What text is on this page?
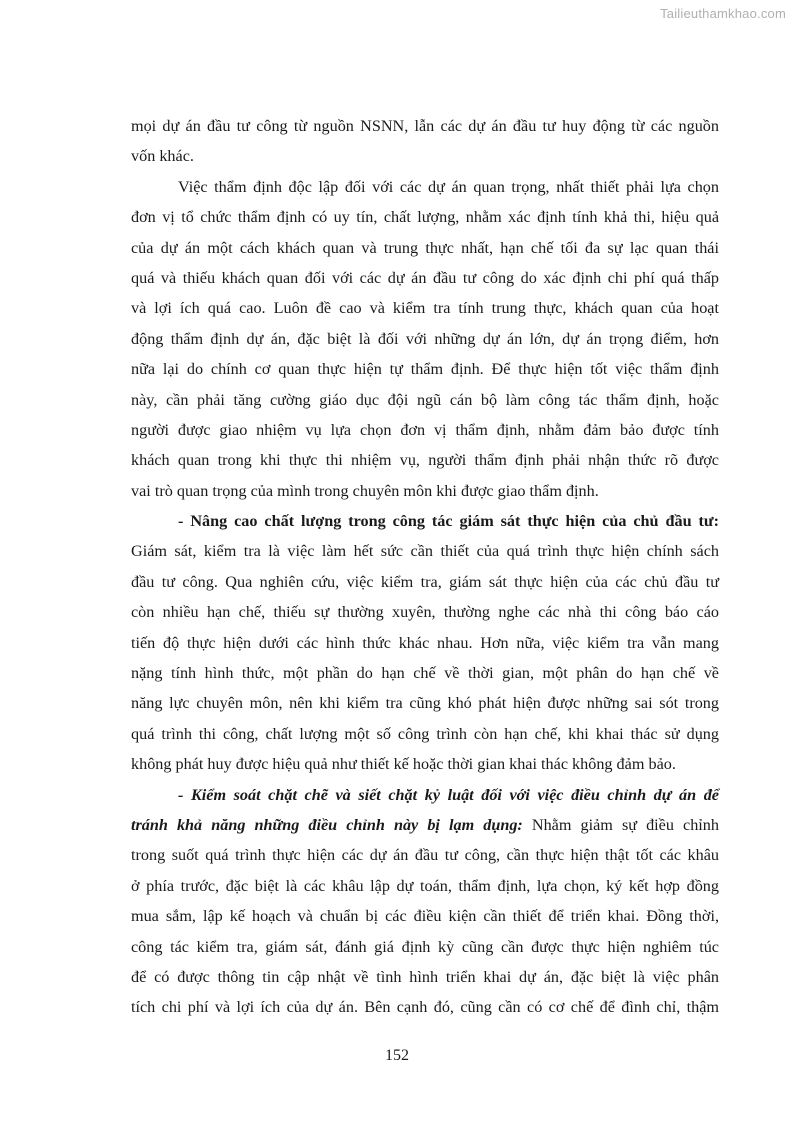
Tailieuthamkhao.com
mọi dự án đầu tư công từ nguồn NSNN, lẫn các dự án đầu tư huy động từ các nguồn
vốn khác.
Việc thẩm định độc lập đối với các dự án quan trọng, nhất thiết phải lựa chọn
đơn vị tổ chức thẩm định có uy tín, chất lượng, nhằm xác định tính khả thi, hiệu quả
của dự án một cách khách quan và trung thực nhất, hạn chế tối đa sự lạc quan thái
quá và thiếu khách quan đối với các dự án đầu tư công do xác định chi phí quá thấp
và lợi ích quá cao. Luôn đề cao và kiểm tra tính trung thực, khách quan của hoạt
động thẩm định dự án, đặc biệt là đối với những dự án lớn, dự án trọng điểm, hơn
nữa lại do chính cơ quan thực hiện tự thẩm định. Để thực hiện tốt việc thẩm định
này, cần phải tăng cường giáo dục đội ngũ cán bộ làm công tác thẩm định, hoặc
người được giao nhiệm vụ lựa chọn đơn vị thẩm định, nhằm đảm bảo được tính
khách quan trong khi thực thi nhiệm vụ, người thẩm định phải nhận thức rõ được
vai trò quan trọng của mình trong chuyên môn khi được giao thẩm định.
- Nâng cao chất lượng trong công tác giám sát thực hiện của chủ đầu tư:
Giám sát, kiểm tra là việc làm hết sức cần thiết của quá trình thực hiện chính sách
đầu tư công. Qua nghiên cứu, việc kiểm tra, giám sát thực hiện của các chủ đầu tư
còn nhiều hạn chế, thiếu sự thường xuyên, thường nghe các nhà thi công báo cáo
tiến độ thực hiện dưới các hình thức khác nhau. Hơn nữa, việc kiểm tra vẫn mang
nặng tính hình thức, một phần do hạn chế về thời gian, một phân do hạn chế về
năng lực chuyên môn, nên khi kiểm tra cũng khó phát hiện được những sai sót trong
quá trình thi công, chất lượng một số công trình còn hạn chế, khi khai thác sử dụng
không phát huy được hiệu quả như thiết kế hoặc thời gian khai thác không đảm bảo.
- Kiểm soát chặt chẽ và siết chặt kỷ luật đối với việc điều chỉnh dự án để
tránh khả năng những điều chỉnh này bị lạm dụng: Nhằm giảm sự điều chỉnh
trong suốt quá trình thực hiện các dự án đầu tư công, cần thực hiện thật tốt các khâu
ở phía trước, đặc biệt là các khâu lập dự toán, thẩm định, lựa chọn, ký kết hợp đồng
mua sắm, lập kế hoạch và chuẩn bị các điều kiện cần thiết để triển khai. Đồng thời,
công tác kiểm tra, giám sát, đánh giá định kỳ cũng cần được thực hiện nghiêm túc
để có được thông tin cập nhật về tình hình triển khai dự án, đặc biệt là việc phân
tích chi phí và lợi ích của dự án. Bên cạnh đó, cũng cần có cơ chế để đình chỉ, thậm
152
